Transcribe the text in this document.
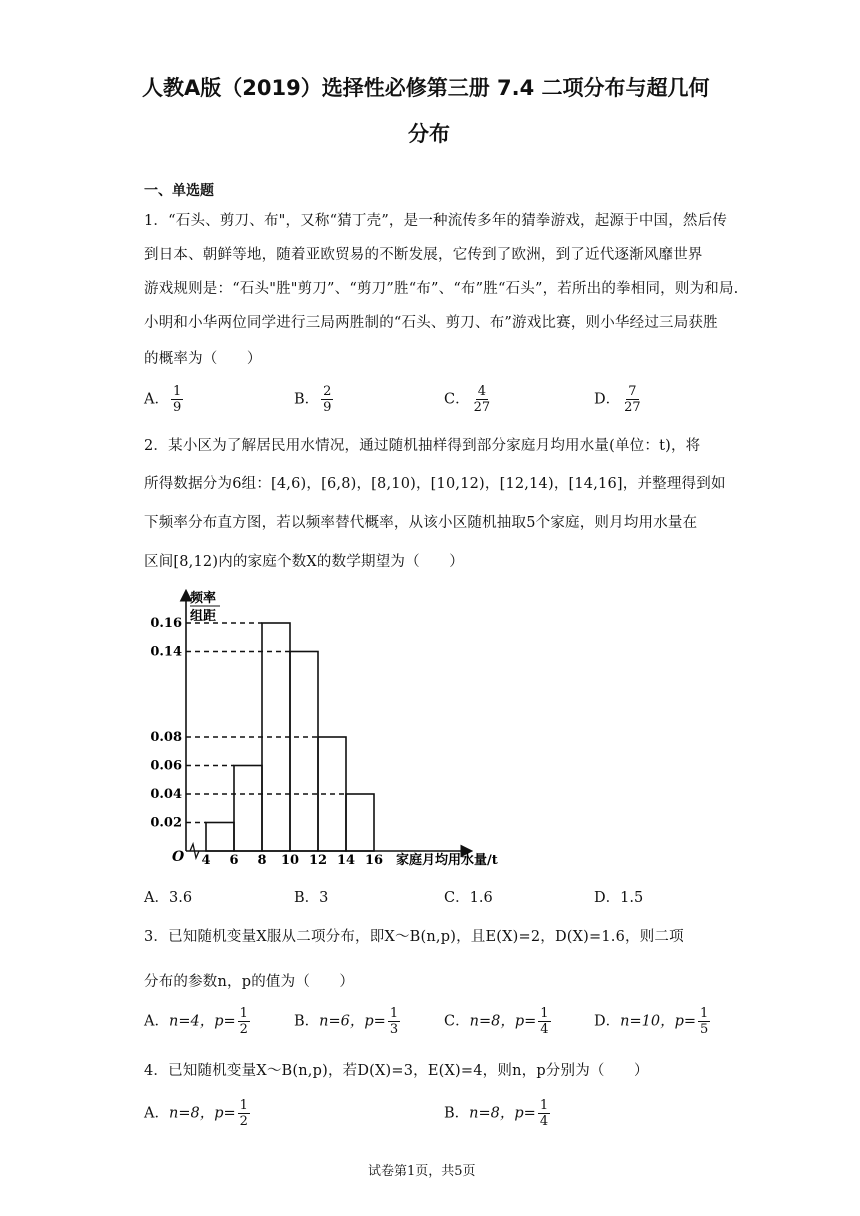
人教A版（2019）选择性必修第三册 7.4 二项分布与超几何
分布
一、单选题
1．“石头、剪刀、布"，又称“猜丁壳”，是一种流传多年的猜拳游戏，起源于中国，然后传
到日本、朝鲜等地，随着亚欧贸易的不断发展，它传到了欧洲，到了近代逐渐风靡世界
游戏规则是：“石头"胜"剪刀”、“剪刀”胜“布”、“布”胜“石头”，若所出的拳相同，则为和局.
小明和小华两位同学进行三局两胜制的“石头、剪刀、布”游戏比赛，则小华经过三局获胜
的概率为（　　）
A． $\frac{1}{9}$	B． $\frac{2}{9}$	C． $\frac{4}{27}$	D． $\frac{7}{27}$
2．某小区为了解居民用水情况，通过随机抽样得到部分家庭月均用水量(单位：t)，将
所得数据分为6组：[4,6)，[6,8)，[8,10)，[10,12)，[12,14)，[14,16]，并整理得到如
下频率分布直方图，若以频率替代概率，从该小区随机抽取5个家庭，则月均用水量在
区间[8,12)内的家庭个数X的数学期望为（　　）
频率
组距
O
0.02
0.04
0.06
0.08
0.14
0.16
4 6 8 10 12 14 16 家庭月均用水量/t
A．3.6	B．3	C．1.6	D．1.5
3．已知随机变量X服从二项分布，即X～B(n,p)，且E(X)=2，D(X)=1.6，则二项
分布的参数n，p的值为（　　）
A．n=4，$p= \frac{1}{2}$	B．n=6，$p= \frac{1}{3}$	C．n=8，$p= \frac{1}{4}$	D．n=10，$p= \frac{1}{5}$
4．已知随机变量X～B(n,p)，若D(X)=3，E(X)=4，则n，p分别为（　　）
A．n=8，$p= \frac{1}{2}$	B．n=8，$p= \frac{1}{4}$
试卷第1页，共5页
